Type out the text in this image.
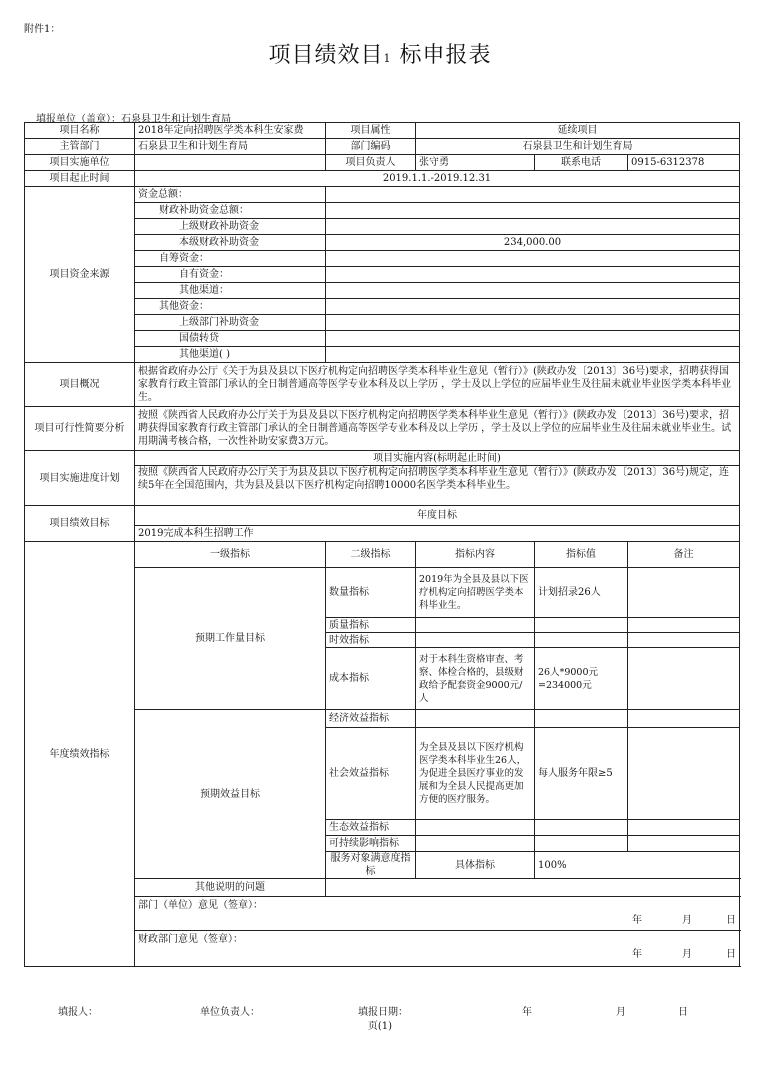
附件1：
项目绩效目1 标申报表
填报单位（盖章）：石泉县卫生和计划生育局
项目名称	2018年定向招聘医学类本科生安家费	项目属性	延续项目		
主管部门	石泉县卫生和计划生育局	部门编码	石泉县卫生和计划生育局		
项目实施单位		项目负责人	张守勇	联系电话	0915-6312378
项目起止时间	2019.1.1.-2019.12.31				
项目资金来源	资金总额：				
	财政补助资金总额：				
	上级财政补助资金				
	本级财政补助资金	234,000.00			
	自筹资金：				
	自有资金：				
	其他渠道：				
	其他资金：				
	上级部门补助资金				
	国债转贷				
	其他渠道( )				
项目概况	根据省政府办公厅《关于为县及县以下医疗机构定向招聘医学类本科毕业生意见（暂行）》(陕政办发〔2013〕36号)要求，招聘获得国家教育行政主管部门承认的全日制普通高等医学专业本科及以上学历 ，学士及以上学位的应届毕业生及往届未就业毕业医学类本科毕业生。				
项目可行性简要分析	按照《陕西省人民政府办公厅关于为县及县以下医疗机构定向招聘医学类本科毕业生意见（暂行）》(陕政办发〔2013〕36号)要求，招聘获得国家教育行政主管部门承认的全日制普通高等医学专业本科及以上学历 ，学士及以上学位的应届毕业生及往届未就业毕业生。试用期满考核合格，一次性补助安家费3万元。				
项目实施进度计划	项目实施内容(标明起止时间)				
	按照《陕西省人民政府办公厅关于为县及县以下医疗机构定向招聘医学类本科毕业生意见（暂行）》(陕政办发〔2013〕36号)规定，连续5年在全国范围内，共为县及县以下医疗机构定向招聘10000名医学类本科毕业生。				
项目绩效目标	年度目标				
	2019完成本科生招聘工作				
年度绩效指标	一级指标	二级指标	指标内容	指标值	备注
	预期工作量目标	数量指标	2019年为全县及县以下医疗机构定向招聘医学类本科毕业生。	计划招录26人	
		质量指标			
		时效指标			
		成本指标	对于本科生资格审查、考察、体检合格的，县级财政给予配套资金9000元/人	26人*9000元=234000元	
	预期效益目标	经济效益指标			
		社会效益指标	为全县及县以下医疗机构医学类本科毕业生26人，为促进全县医疗事业的发展和为全县人民提高更加方便的医疗服务。	每人服务年限≥5	
		生态效益指标			
		可持续影响指标			
		服务对象满意度指标	具体指标	100%	
	其他说明的问题				

	部门（单位）意见（签章）：
年 月 日				

	财政部门意见（签章）：
年 月 日				
填报人：	单位负责人：	填报日期：	年	月	日
页(1)
